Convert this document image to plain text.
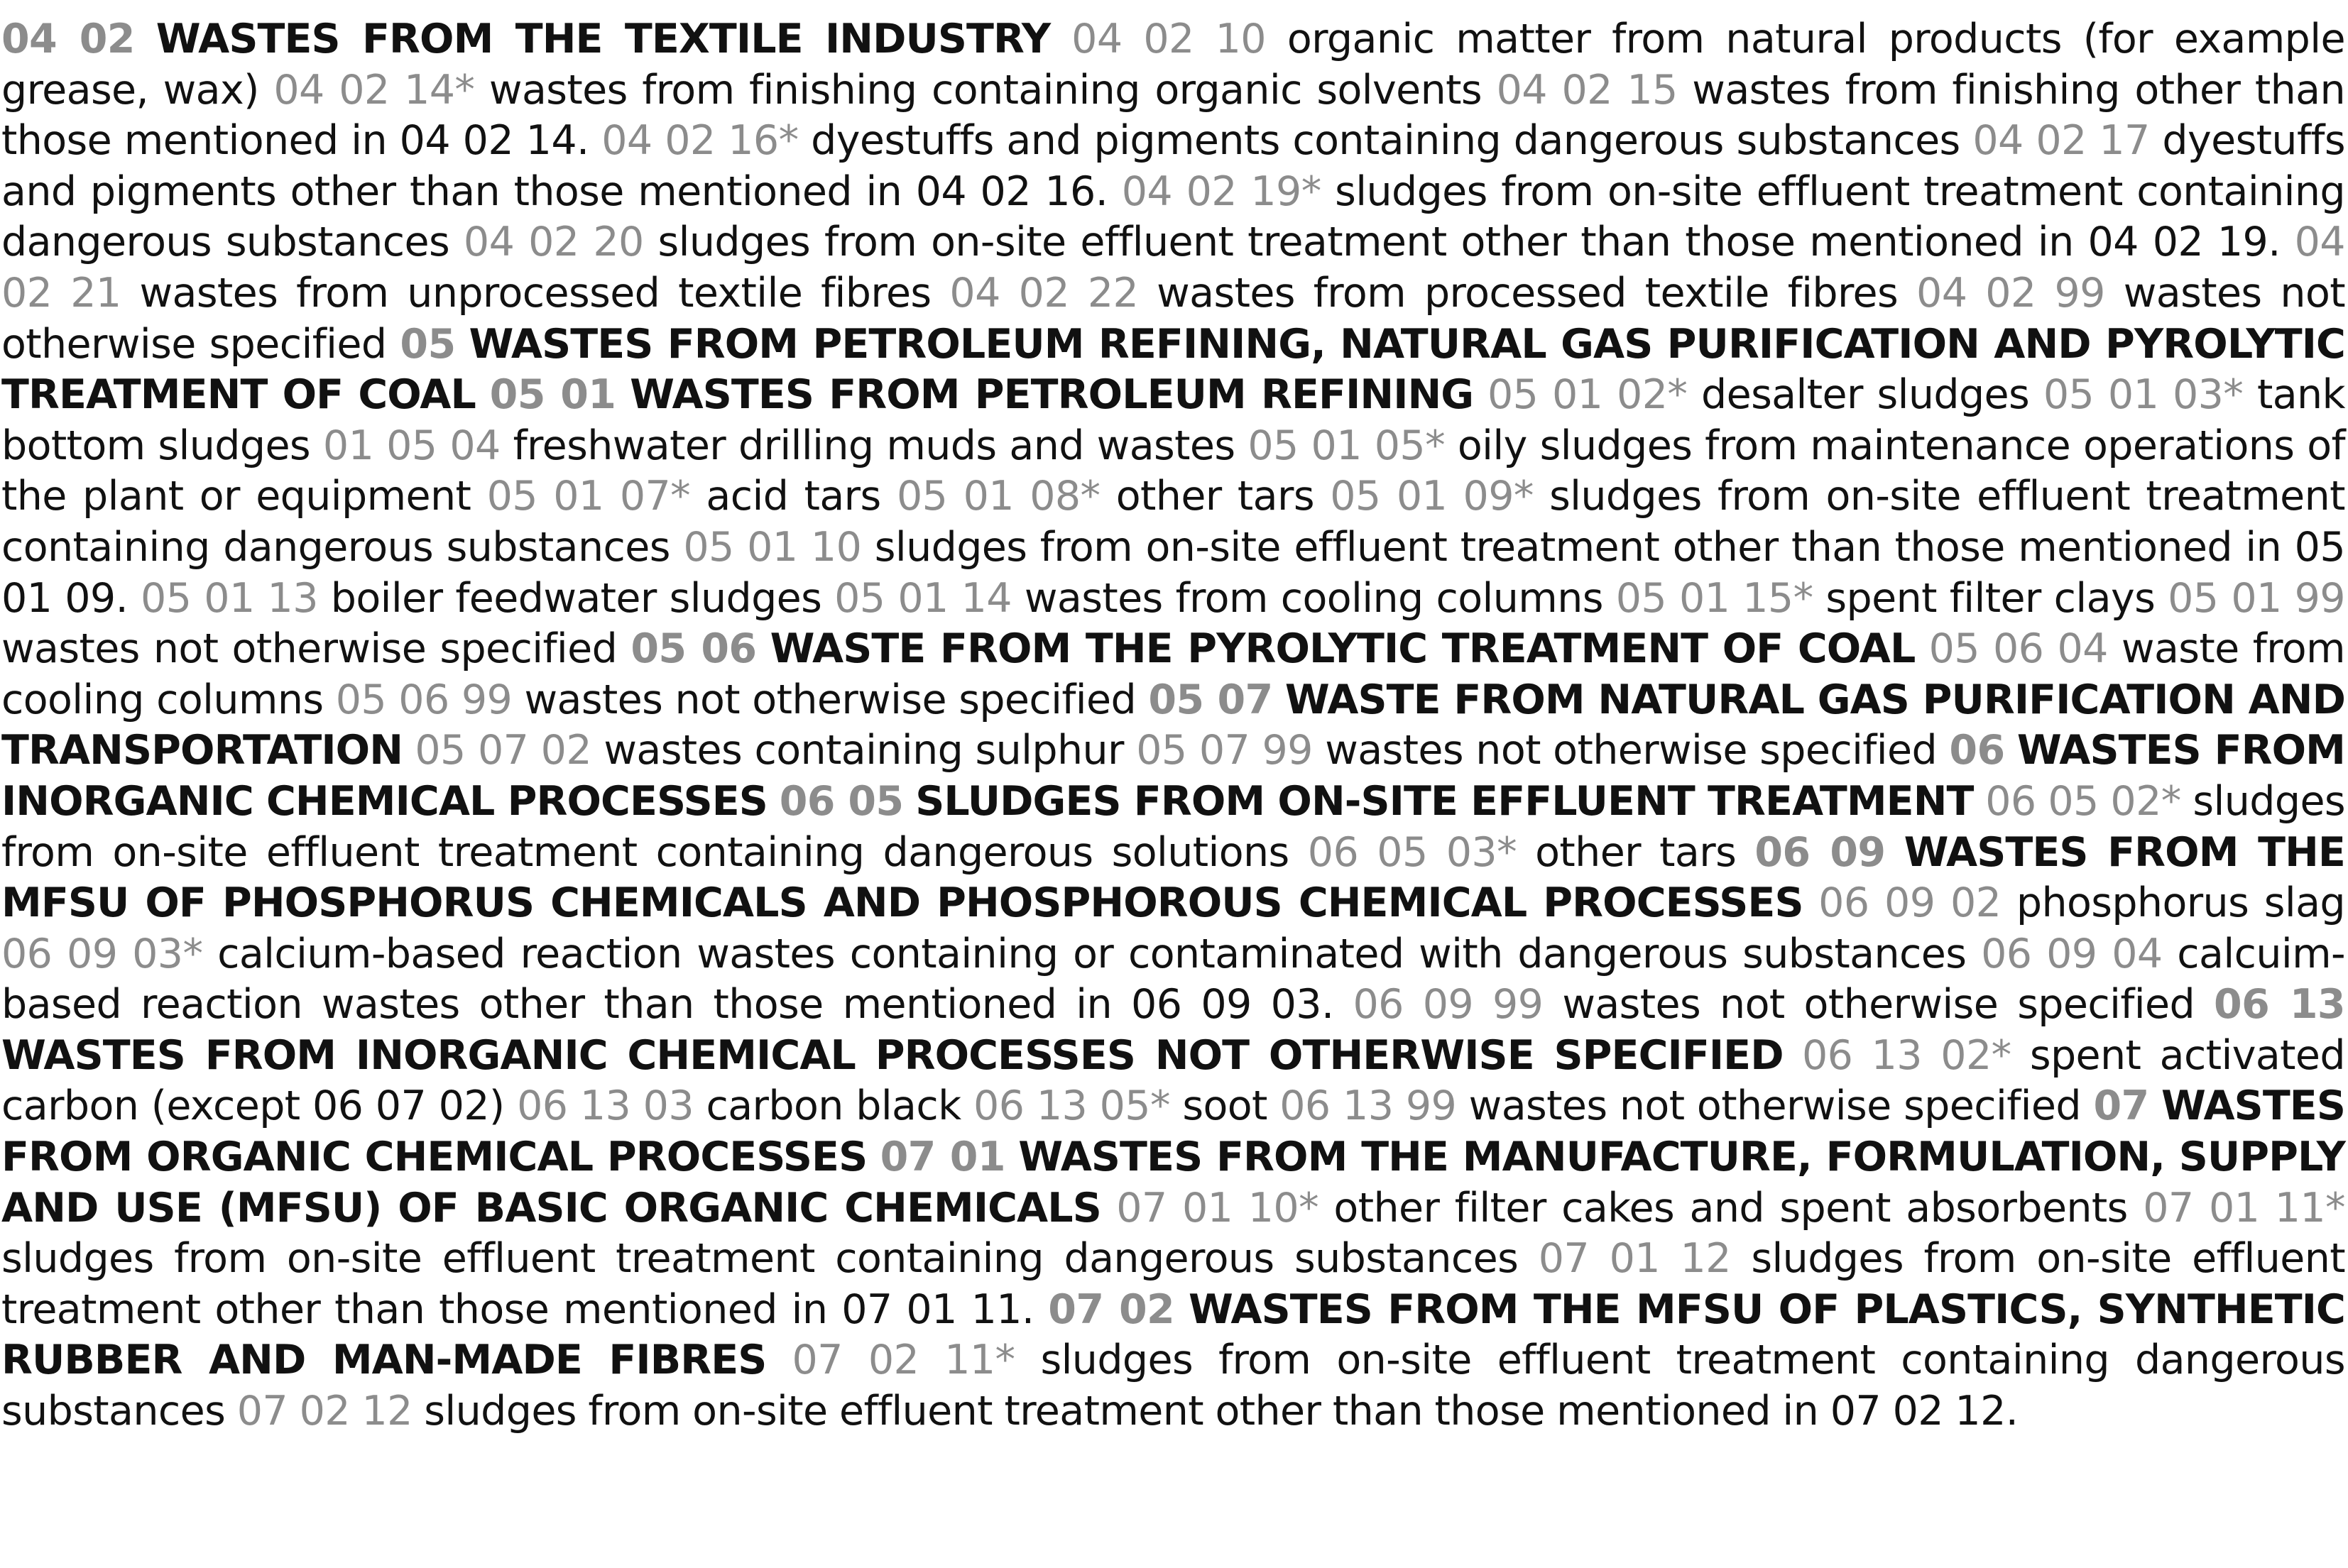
04 02 WASTES FROM THE TEXTILE INDUSTRY 04 02 10 organic matter from natural products (for example grease, wax) 04 02 14* wastes from finishing containing organic solvents 04 02 15 wastes from finishing other than those mentioned in 04 02 14. 04 02 16* dyestuffs and pigments containing dangerous substances 04 02 17 dyestuffs and pigments other than those mentioned in 04 02 16. 04 02 19* sludges from on-site effluent treatment containing dangerous substances 04 02 20 sludges from on-site effluent treatment other than those mentioned in 04 02 19. 04 02 21 wastes from unprocessed textile fibres 04 02 22 wastes from processed textile fibres 04 02 99 wastes not otherwise specified 05 WASTES FROM PETROLEUM REFINING, NATURAL GAS PURIFICATION AND PYROLYTIC TREATMENT OF COAL 05 01 WASTES FROM PETROLEUM REFINING 05 01 02* desalter sludges 05 01 03* tank bottom sludges 01 05 04 freshwater drilling muds and wastes 05 01 05* oily sludges from maintenance operations of the plant or equipment 05 01 07* acid tars 05 01 08* other tars 05 01 09* sludges from on-site effluent treatment containing dangerous substances 05 01 10 sludges from on-site effluent treatment other than those mentioned in 05 01 09. 05 01 13 boiler feedwater sludges 05 01 14 wastes from cooling columns 05 01 15* spent filter clays 05 01 99 wastes not otherwise specified 05 06 WASTE FROM THE PYROLYTIC TREATMENT OF COAL 05 06 04 waste from cooling columns 05 06 99 wastes not otherwise specified 05 07 WASTE FROM NATURAL GAS PURIFICATION AND TRANSPORTATION 05 07 02 wastes containing sulphur 05 07 99 wastes not otherwise specified 06 WASTES FROM INORGANIC CHEMICAL PROCESSES 06 05 SLUDGES FROM ON-SITE EFFLUENT TREATMENT 06 05 02* sludges from on-site effluent treatment containing dangerous solutions 06 05 03* other tars 06 09 WASTES FROM THE MFSU OF PHOSPHORUS CHEMICALS AND PHOSPHOROUS CHEMICAL PROCESSES 06 09 02 phosphorus slag 06 09 03* calcium-based reaction wastes containing or contaminated with dangerous substances 06 09 04 calcuim-based reaction wastes other than those mentioned in 06 09 03. 06 09 99 wastes not otherwise specified 06 13 WASTES FROM INORGANIC CHEMICAL PROCESSES NOT OTHERWISE SPECIFIED 06 13 02* spent activated carbon (except 06 07 02) 06 13 03 carbon black 06 13 05* soot 06 13 99 wastes not otherwise specified 07 WASTES FROM ORGANIC CHEMICAL PROCESSES 07 01 WASTES FROM THE MANUFACTURE, FORMULATION, SUPPLY AND USE (MFSU) OF BASIC ORGANIC CHEMICALS 07 01 10* other filter cakes and spent absorbents 07 01 11* sludges from on-site effluent treatment containing dangerous substances 07 01 12 sludges from on-site effluent treatment other than those mentioned in 07 01 11. 07 02 WASTES FROM THE MFSU OF PLASTICS, SYNTHETIC RUBBER AND MAN-MADE FIBRES 07 02 11* sludges from on-site effluent treatment containing dangerous substances 07 02 12 sludges from on-site effluent treatment other than those mentioned in 07 02 12.
